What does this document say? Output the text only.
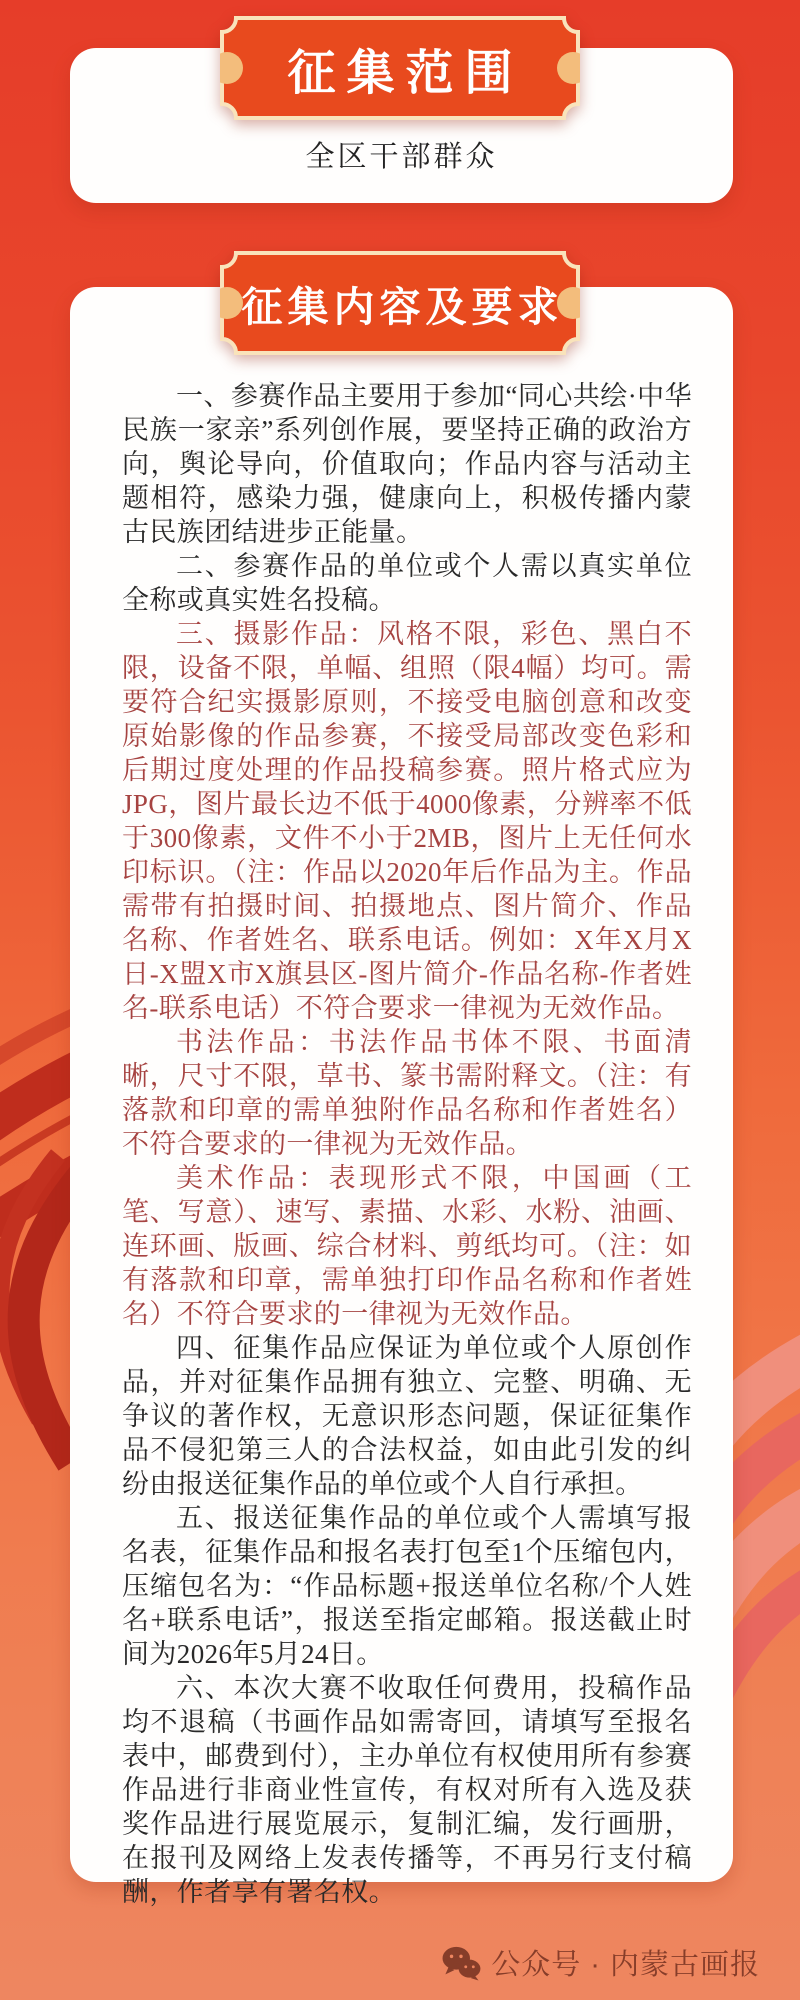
全区干部群众
征集范围

一、参赛作品主要用于参加“同心共绘·中华民族一家亲”系列创作展，要坚持正确的政治方向，舆论导向，价值取向；作品内容与活动主题相符，感染力强，健康向上，积极传播内蒙古民族团结进步正能量。

二、参赛作品的单位或个人需以真实单位全称或真实姓名投稿。

三、摄影作品：风格不限，彩色、黑白不限，设备不限，单幅、组照（限4幅）均可。需要符合纪实摄影原则，不接受电脑创意和改变原始影像的作品参赛，不接受局部改变色彩和后期过度处理的作品投稿参赛。照片格式应为JPG，图片最长边不低于4000像素，分辨率不低于300像素，文件不小于2MB，图片上无任何水印标识。（注：作品以2020年后作品为主。作品需带有拍摄时间、拍摄地点、图片简介、作品名称、作者姓名、联系电话。例如：X年X月X日-X盟X市X旗县区-图片简介-作品名称-作者姓名-联系电话）不符合要求一律视为无效作品。

书法作品：书法作品书体不限、书面清晰，尺寸不限，草书、篆书需附释文。（注：有落款和印章的需单独附作品名称和作者姓名）不符合要求的一律视为无效作品。

美术作品：表现形式不限，中国画（工笔、写意）、速写、素描、水彩、水粉、油画、连环画、版画、综合材料、剪纸均可。（注：如有落款和印章，需单独打印作品名称和作者姓名）不符合要求的一律视为无效作品。

四、征集作品应保证为单位或个人原创作品，并对征集作品拥有独立、完整、明确、无争议的著作权，无意识形态问题，保证征集作品不侵犯第三人的合法权益，如由此引发的纠纷由报送征集作品的单位或个人自行承担。

五、报送征集作品的单位或个人需填写报名表，征集作品和报名表打包至1个压缩包内，压缩包名为：“作品标题+报送单位名称/个人姓名+联系电话”，报送至指定邮箱。报送截止时间为2026年5月24日。

六、本次大赛不收取任何费用，投稿作品均不退稿（书画作品如需寄回，请填写至报名表中，邮费到付），主办单位有权使用所有参赛作品进行非商业性宣传，有权对所有入选及获奖作品进行展览展示，复制汇编，发行画册，在报刊及网络上发表传播等，不再另行支付稿酬，作者享有署名权。

征集内容及要求
公众号 · 内蒙古画报
